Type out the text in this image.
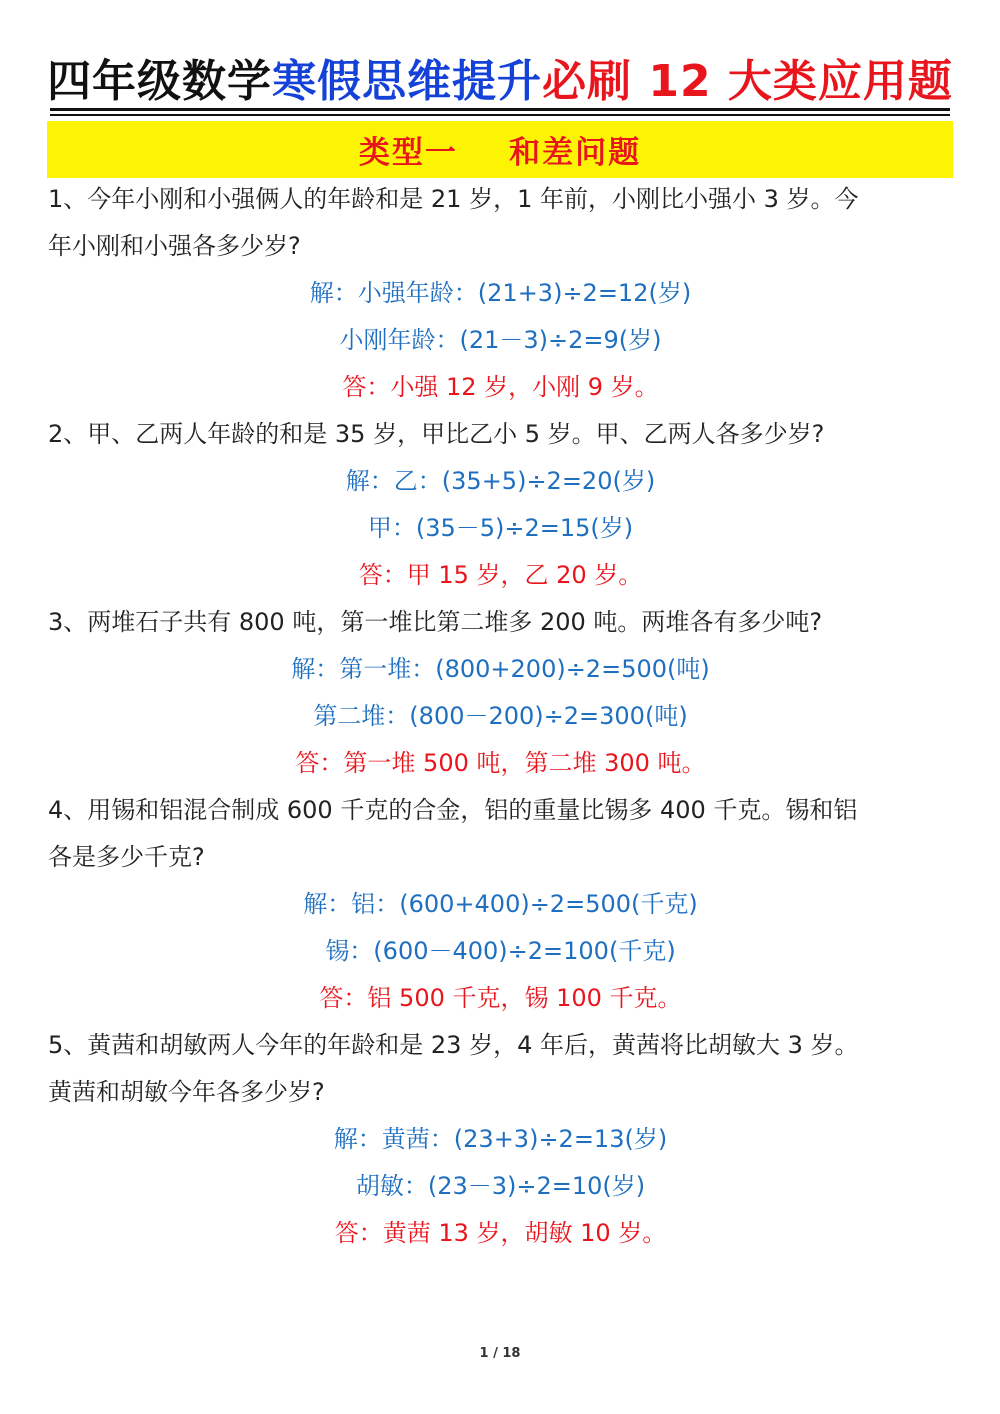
四年级数学寒假思维提升必刷 12 大类应用题
类型一    和差问题
1、今年小刚和小强俩人的年龄和是 21 岁，1 年前，小刚比小强小 3 岁。今
年小刚和小强各多少岁?
解：小强年龄：(21+3)÷2=12(岁)
小刚年龄：(21－3)÷2=9(岁)
答：小强 12 岁，小刚 9 岁。
2、甲、乙两人年龄的和是 35 岁，甲比乙小 5 岁。甲、乙两人各多少岁?
解：乙：(35+5)÷2=20(岁)
甲：(35－5)÷2=15(岁)
答：甲 15 岁，乙 20 岁。
3、两堆石子共有 800 吨，第一堆比第二堆多 200 吨。两堆各有多少吨?
解：第一堆：(800+200)÷2=500(吨)
第二堆：(800－200)÷2=300(吨)
答：第一堆 500 吨，第二堆 300 吨。
4、用锡和铝混合制成 600 千克的合金，铝的重量比锡多 400 千克。锡和铝
各是多少千克?
解：铝：(600+400)÷2=500(千克)
锡：(600－400)÷2=100(千克)
答：铝 500 千克，锡 100 千克。
5、黄茜和胡敏两人今年的年龄和是 23 岁，4 年后，黄茜将比胡敏大 3 岁。
黄茜和胡敏今年各多少岁?
解：黄茜：(23+3)÷2=13(岁)
胡敏：(23－3)÷2=10(岁)
答：黄茜 13 岁，胡敏 10 岁。
1 / 18
